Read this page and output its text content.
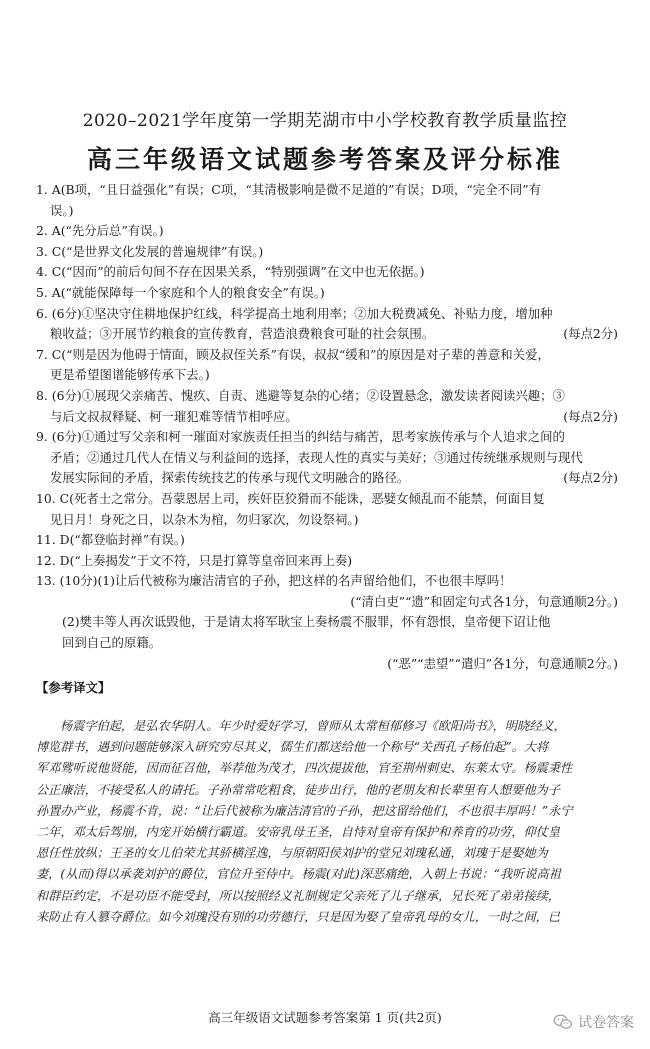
2020–2021学年度第一学期芜湖市中小学校教育教学质量监控
高三年级语文试题参考答案及评分标准
1. A(B项，“且日益强化”有误；C项，“其清极影响是微不足道的”有误；D项，“完全不同”有
误。)
2. A(“先分后总”有误。)
3. C(“是世界文化发展的普遍规律”有误。)
4. C(“因而”的前后句间不存在因果关系，“特别强调”在文中也无依据。)
5. A(“就能保障每一个家庭和个人的粮食安全”有误。)
6. (6分)①坚决守住耕地保护红线，科学提高土地利用率；②加大税费减免、补贴力度，增加种
粮收益；③开展节约粮食的宣传教育，营造浪费粮食可耻的社会氛围。	(每点2分)
7. C(“则是因为他碍于情面，顾及叔侄关系”有误，叔叔“缓和”的原因是对子辈的善意和关爱，
更是希望图谱能够传承下去。)
8. (6分)①展现父亲痛苦、愧疚、自责、逃避等复杂的心绪；②设置悬念，激发读者阅读兴趣；③
与后文叔叔释疑、柯一璀犯难等情节相呼应。	(每点2分)
9. (6分)①通过写父亲和柯一璀面对家族责任担当的纠结与痛苦，思考家族传承与个人追求之间的
矛盾；②通过几代人在情义与利益间的选择，表现人性的真实与美好；③通过传统继承规则与现代
发展实际间的矛盾，探索传统技艺的传承与现代文明融合的路径。	(每点2分)
10. C(死者士之常分。吾蒙恩居上司，疾奸臣狡猾而不能诛，恶嬖女倾乱而不能禁，何面目复
见日月！身死之日，以杂木为棺，勿归冢次，勿设祭祠。)
11. D(“都登临封禅”有误。)
12. D(“上奏揭发”于文不符，只是打算等皇帝回来再上奏)
13. (10分)(1)让后代被称为廉洁清官的子孙，把这样的名声留给他们，不也很丰厚吗！
(“清白吏”“遗”和固定句式各1分，句意通顺2分。)
(2)樊丰等人再次诋毁他，于是请太将军耿宝上奏杨震不服罪，怀有怨恨，皇帝便下诏让他
回到自己的原籍。
(“恶”“恚望”“遣归”各1分，句意通顺2分。)
【参考译文】
杨震字伯起，是弘农华阴人。年少时爱好学习，曾师从太常桓郁修习《欧阳尚书》，明晓经义，
博览群书，遇到问题能够深入研究穷尽其义，儒生们都送给他一个称号“关西孔子杨伯起”。大将
军邓骘听说他贤能，因而征召他，举荐他为茂才，四次提拔他，官至荆州刺史、东莱太守。杨震秉性
公正廉洁，不接受私人的请托。子孙常常吃粗食，徒步出行，他的老朋友和长辈里有人想要他为子
孙置办产业，杨震不肯，说：“让后代被称为廉洁清官的子孙，把这留给他们，不也很丰厚吗！”永宁
二年，邓太后驾崩，内宠开始横行霸道。安帝乳母王圣，自恃对皇帝有保护和养育的功劳，仰仗皇
恩任性放纵；王圣的女儿伯荣尤其骄横淫逸，与原朝阳侯刘护的堂兄刘瑰私通，刘瑰于是娶她为
妻，(从而)得以承袭刘护的爵位，官位升至侍中。杨震(对此)深恶痛绝，入朝上书说：“我听说高祖
和群臣约定，不是功臣不能受封，所以按照经义礼制规定父亲死了儿子继承，兄长死了弟弟接续，
来防止有人篡夺爵位。如今刘瑰没有别的功劳德行，只是因为娶了皇帝乳母的女儿，一时之间，已
高三年级语文试题参考答案第 1 页(共2页)	试卷答案
